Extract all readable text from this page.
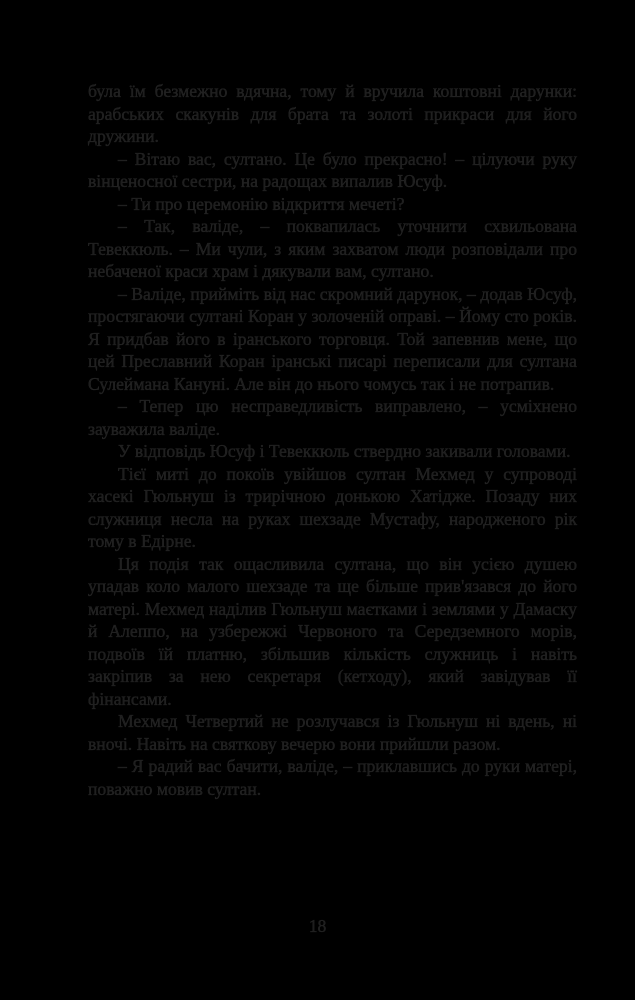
була їм безмежно вдячна, тому й вручила коштовні дарунки: арабських скакунів для брата та золоті прикраси для його дружини.

– Вітаю вас, султано. Це було прекрасно! – цілуючи руку вінценосної сестри, на радощах випалив Юсуф.

– Ти про церемонію відкриття мечеті?

– Так, валіде, – поквапилась уточнити схвильована Тевеккюль. – Ми чули, з яким захватом люди розповідали про небаченої краси храм і дякували вам, султано.

– Валіде, прийміть від нас скромний дарунок, – додав Юсуф, простягаючи султані Коран у золоченій оправі. – Йому сто років. Я придбав його в іранського торговця. Той запевнив мене, що цей Преславний Коран іранські писарі переписали для султана Сулеймана Кануні. Але він до нього чомусь так і не потрапив.

– Тепер цю несправедливість виправлено, – усміхнено зауважила валіде.

У відповідь Юсуф і Тевеккюль ствердно закивали головами.

Тієї миті до покоїв увійшов султан Мехмед у супроводі хасекі Гюльнуш із трирічною донькою Хатідже. Позаду них служниця несла на руках шехзаде Мустафу, народженого рік тому в Едірне.

Ця подія так ощасливила султана, що він усією душею упадав коло малого шехзаде та ще більше прив'язався до його матері. Мехмед наділив Гюльнуш маєтками і землями у Дамаску й Алеппо, на узбережжі Червоного та Середземного морів, подвоїв їй платню, збільшив кількість служниць і навіть закріпив за нею секретаря (кетходу), який завідував її фінансами.

Мехмед Четвертий не розлучався із Гюльнуш ні вдень, ні вночі. Навіть на святкову вечерю вони прийшли разом.

– Я радий вас бачити, валіде, – приклавшись до руки матері, поважно мовив султан.

18
